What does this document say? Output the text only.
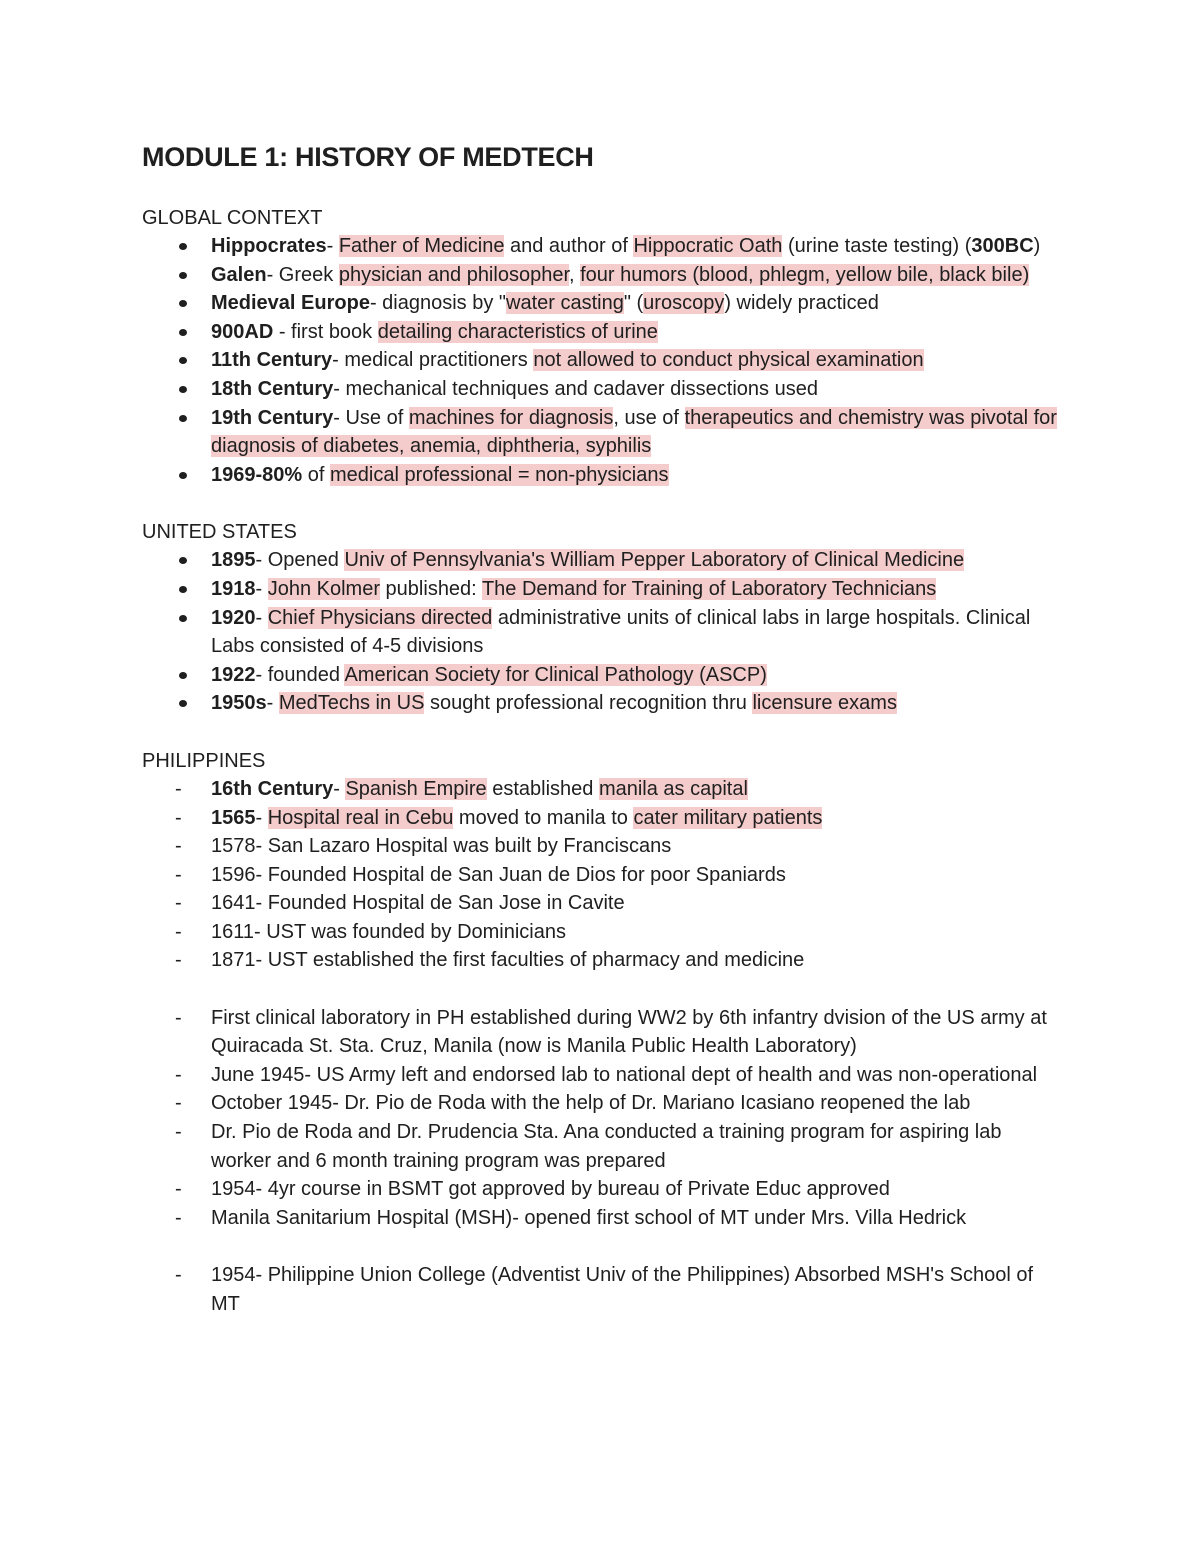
MODULE 1: HISTORY OF MEDTECH
GLOBAL CONTEXT
Hippocrates- Father of Medicine and author of Hippocratic Oath (urine taste testing) (300BC)
Galen- Greek physician and philosopher, four humors (blood, phlegm, yellow bile, black bile)
Medieval Europe- diagnosis by "water casting" (uroscopy) widely practiced
900AD - first book detailing characteristics of urine
11th Century- medical practitioners not allowed to conduct physical examination
18th Century- mechanical techniques and cadaver dissections used
19th Century- Use of machines for diagnosis, use of therapeutics and chemistry was pivotal for diagnosis of diabetes, anemia, diphtheria, syphilis
1969-80% of medical professional = non-physicians
UNITED STATES
1895- Opened Univ of Pennsylvania's William Pepper Laboratory of Clinical Medicine
1918- John Kolmer published: The Demand for Training of Laboratory Technicians
1920- Chief Physicians directed administrative units of clinical labs in large hospitals. Clinical Labs consisted of 4-5 divisions
1922- founded American Society for Clinical Pathology (ASCP)
1950s- MedTechs in US sought professional recognition thru licensure exams
PHILIPPINES
- 16th Century- Spanish Empire established manila as capital
- 1565- Hospital real in Cebu moved to manila to cater military patients
- 1578- San Lazaro Hospital was built by Franciscans
- 1596- Founded Hospital de San Juan de Dios for poor Spaniards
- 1641- Founded Hospital de San Jose in Cavite
- 1611- UST was founded by Dominicians
- 1871- UST established the first faculties of pharmacy and medicine
- First clinical laboratory in PH established during WW2 by 6th infantry dvision of the US army at Quiracada St. Sta. Cruz, Manila (now is Manila Public Health Laboratory)
- June 1945- US Army left and endorsed lab to national dept of health and was non-operational
- October 1945- Dr. Pio de Roda with the help of Dr. Mariano Icasiano reopened the lab
- Dr. Pio de Roda and Dr. Prudencia Sta. Ana conducted a training program for aspiring lab worker and 6 month training program was prepared
- 1954- 4yr course in BSMT got approved by bureau of Private Educ approved
- Manila Sanitarium Hospital (MSH)- opened first school of MT under Mrs. Villa Hedrick
- 1954- Philippine Union College (Adventist Univ of the Philippines) Absorbed MSH's School of MT
